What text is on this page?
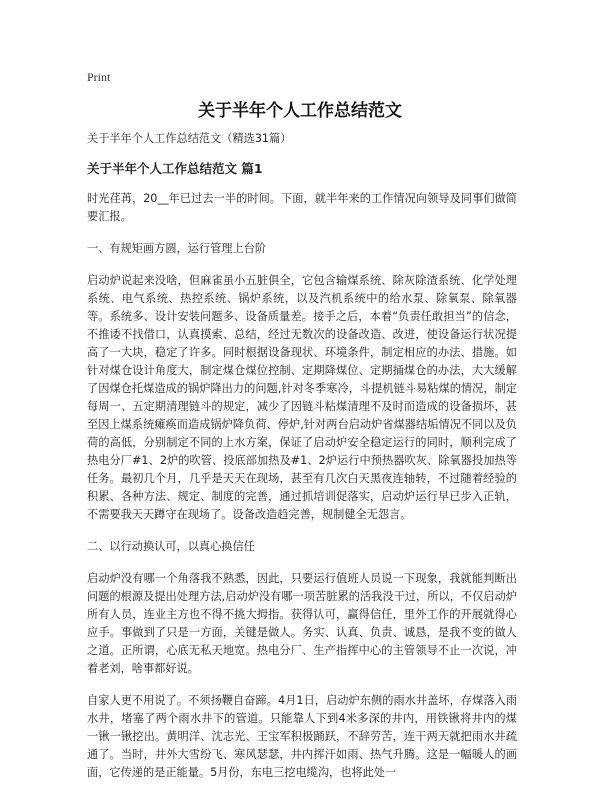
Print
关于半年个人工作总结范文

关于半年个人工作总结范文（精选31篇）

关于半年个人工作总结范文 篇1

时光荏苒，20__年已过去一半的时间。下面，就半年来的工作情况向领导及同事们做简要汇报。

一、有规矩画方圆，运行管理上台阶

启动炉说起来没啥，但麻雀虽小五脏俱全，它包含输煤系统、除灰除渣系统、化学处理系统、电气系统、热控系统、锅炉系统，以及汽机系统中的给水泵、除氧泵、除氧器等。系统多、设计安装问题多、设备质量差。接手之后，本着“负责任敢担当”的信念，不推诿不找借口，认真摸索、总结，经过无数次的设备改造、改进，使设备运行状况提高了一大块，稳定了许多。同时根据设备现状、环境条件，制定相应的办法、措施。如针对煤仓设计角度大，制定煤仓煤位控制、定期降煤位、定期捅煤仓的办法，大大缓解了因煤仓托煤造成的锅炉降出力的问题,针对冬季寒冷，斗提机链斗易粘煤的情况，制定每周一、五定期清理链斗的规定，减少了因链斗粘煤清理不及时而造成的设备损坏，甚至因上煤系统瘫痪而造成锅炉降负荷、停炉,针对两台启动炉省煤器结垢情况不同以及负荷的高低，分别制定不同的上水方案，保证了启动炉安全稳定运行的同时，顺利完成了热电分厂#1、2炉的吹管、投底部加热及#1、2炉运行中预热器吹灰、除氧器投加热等任务。最初几个月，几乎是天天在现场，甚至有几次白天黑夜连轴转，不过随着经验的积累、各种方法、规定、制度的完善，通过抓培训促落实，启动炉运行早已步入正轨，不需要我天天蹲守在现场了。设备改造趋完善，规制健全无怨言。

二、以行动换认可，以真心换信任

启动炉没有哪一个角落我不熟悉，因此，只要运行值班人员说一下现象，我就能判断出问题的根源及提出处理方法,启动炉没有哪一项苦脏累的活我没干过，所以，不仅启动炉所有人员，连业主方也不得不挑大拇指。获得认可，赢得信任，里外工作的开展就得心应手。事做到了只是一方面，关键是做人。务实、认真、负责、诚恳，是我不变的做人之道。正所谓，心底无私天地宽。热电分厂、生产指挥中心的主管领导不止一次说，冲着老刘，啥事都好说。

自家人更不用说了。不须扬鞭自奋蹄。4月1日，启动炉东侧的雨水井盖坏，存煤落入雨水井，堵塞了两个雨水井下的管道。只能靠人下到4米多深的井内，用铁锹将井内的煤一锹一锹挖出。黄明洋、沈志光、王宝军积极踊跃，不辞劳苦，连干两天就把雨水井疏通了。当时，井外大雪纷飞、寒风瑟瑟，井内挥汗如雨、热气升腾。这是一幅暖人的画面，它传递的是正能量。5月份，东电三挖电缆沟，也将此处一
